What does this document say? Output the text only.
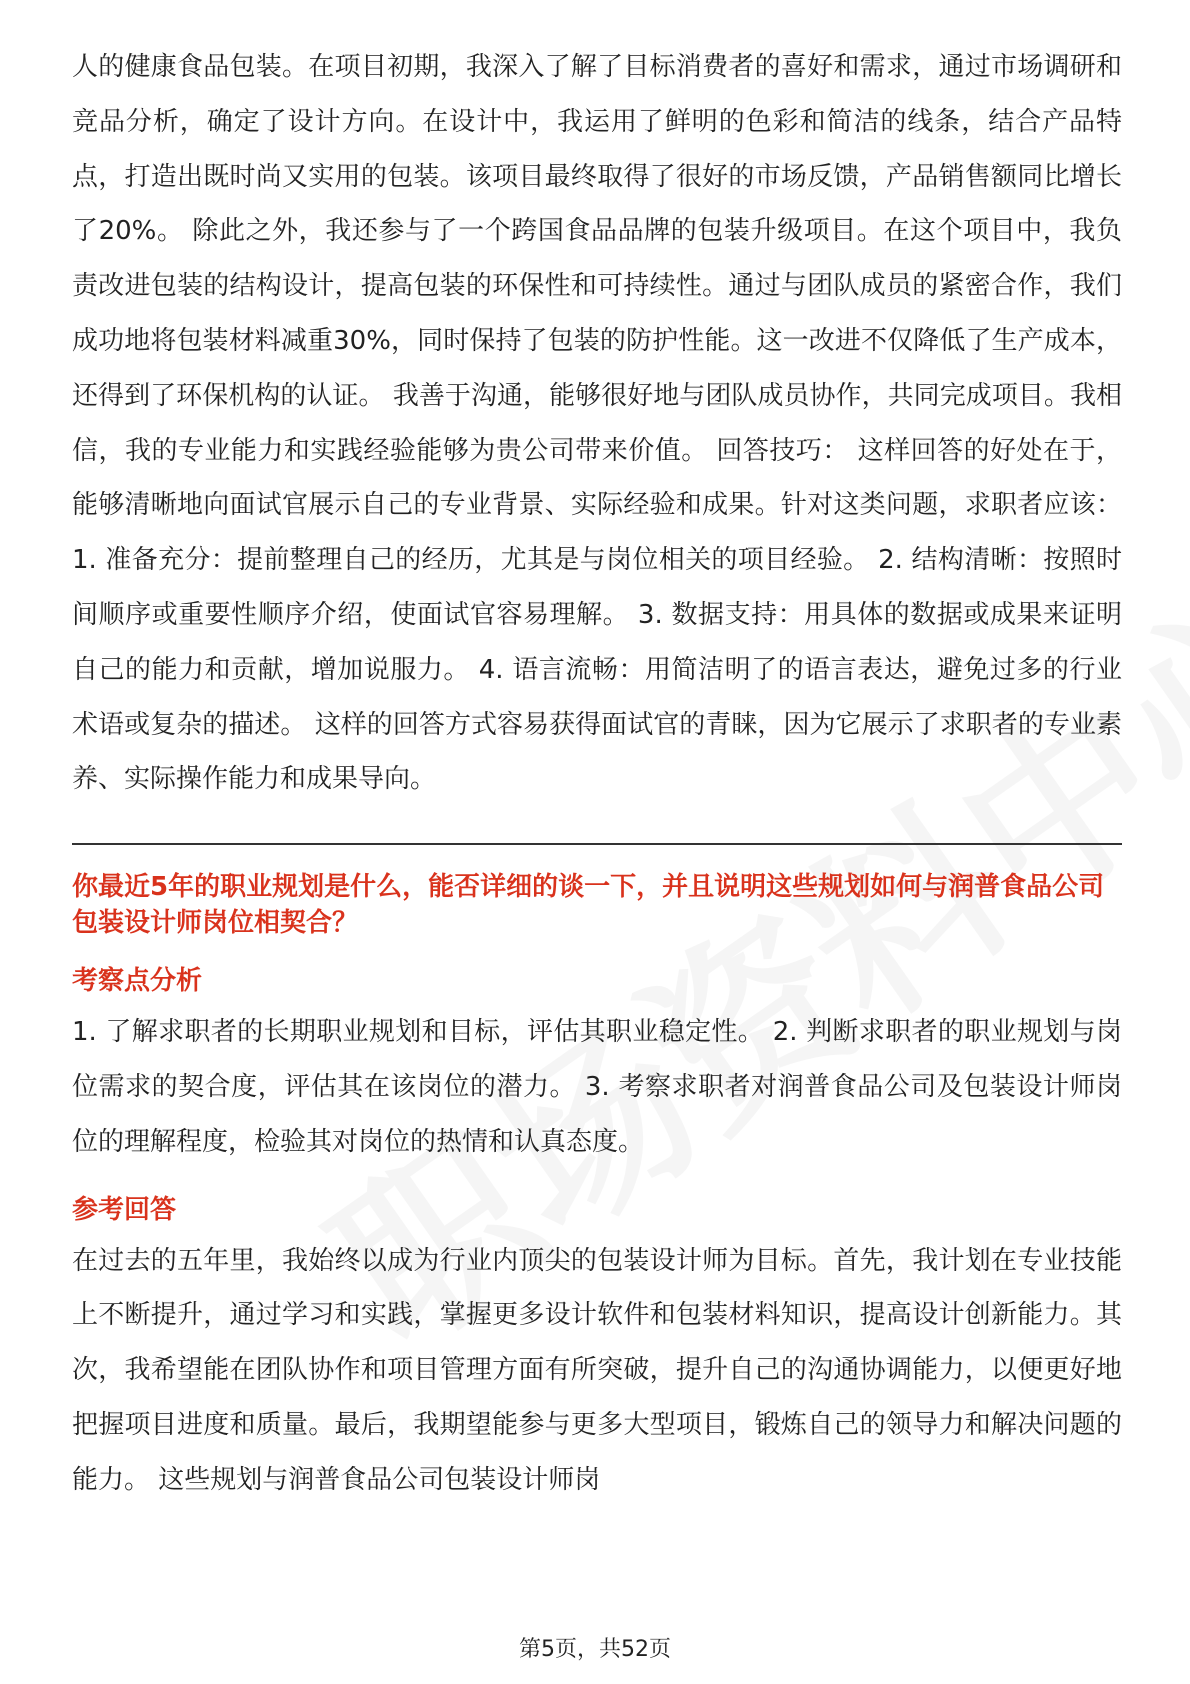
人的健康食品包装。在项目初期，我深入了解了目标消费者的喜好和需求，通过市场调研和竞品分析，确定了设计方向。在设计中，我运用了鲜明的色彩和简洁的线条，结合产品特点，打造出既时尚又实用的包装。该项目最终取得了很好的市场反馈，产品销售额同比增长了20%。 除此之外，我还参与了一个跨国食品品牌的包装升级项目。在这个项目中，我负责改进包装的结构设计，提高包装的环保性和可持续性。通过与团队成员的紧密合作，我们成功地将包装材料减重30%，同时保持了包装的防护性能。这一改进不仅降低了生产成本，还得到了环保机构的认证。 我善于沟通，能够很好地与团队成员协作，共同完成项目。我相信，我的专业能力和实践经验能够为贵公司带来价值。 回答技巧： 这样回答的好处在于，能够清晰地向面试官展示自己的专业背景、实际经验和成果。针对这类问题，求职者应该： 1. 准备充分：提前整理自己的经历，尤其是与岗位相关的项目经验。 2. 结构清晰：按照时间顺序或重要性顺序介绍，使面试官容易理解。 3. 数据支持：用具体的数据或成果来证明自己的能力和贡献，增加说服力。 4. 语言流畅：用简洁明了的语言表达，避免过多的行业术语或复杂的描述。 这样的回答方式容易获得面试官的青睐，因为它展示了求职者的专业素养、实际操作能力和成果导向。

你最近5年的职业规划是什么，能否详细的谈一下，并且说明这些规划如何与润普食品公司包装设计师岗位相契合？
考察点分析

1. 了解求职者的长期职业规划和目标，评估其职业稳定性。 2. 判断求职者的职业规划与岗位需求的契合度，评估其在该岗位的潜力。 3. 考察求职者对润普食品公司及包装设计师岗位的理解程度，检验其对岗位的热情和认真态度。

参考回答

在过去的五年里，我始终以成为行业内顶尖的包装设计师为目标。首先，我计划在专业技能上不断提升，通过学习和实践，掌握更多设计软件和包装材料知识，提高设计创新能力。其次，我希望能在团队协作和项目管理方面有所突破，提升自己的沟通协调能力，以便更好地把握项目进度和质量。最后，我期望能参与更多大型项目，锻炼自己的领导力和解决问题的能力。 这些规划与润普食品公司包装设计师岗

第5页，共52页
